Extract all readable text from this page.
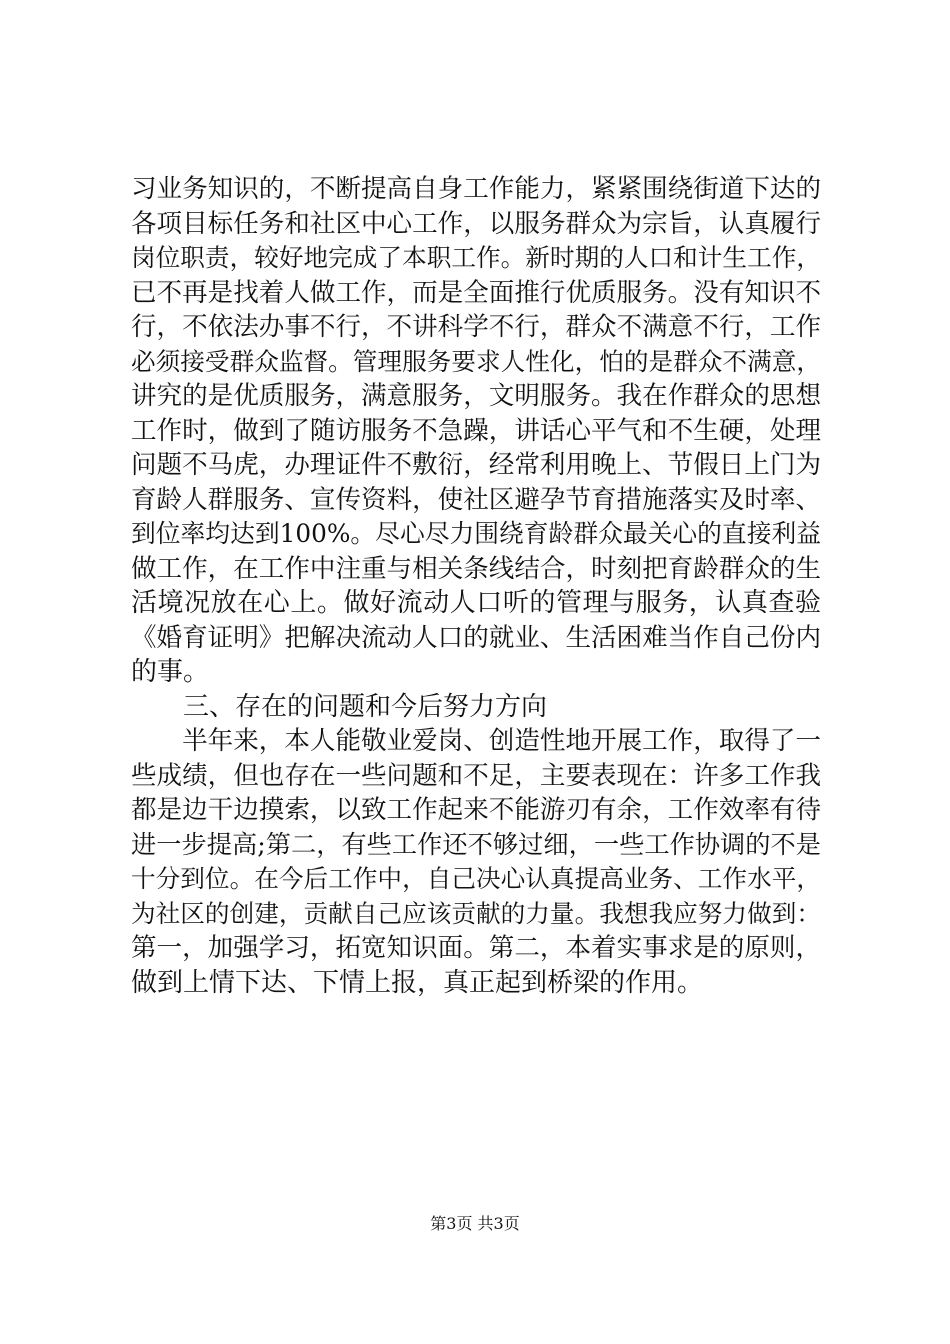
习业务知识的，不断提高自身工作能力，紧紧围绕街道下达的
各项目标任务和社区中心工作，以服务群众为宗旨，认真履行
岗位职责，较好地完成了本职工作。新时期的人口和计生工作，
已不再是找着人做工作，而是全面推行优质服务。没有知识不
行，不依法办事不行，不讲科学不行，群众不满意不行，工作
必须接受群众监督。管理服务要求人性化，怕的是群众不满意，
讲究的是优质服务，满意服务，文明服务。我在作群众的思想
工作时，做到了随访服务不急躁，讲话心平气和不生硬，处理
问题不马虎，办理证件不敷衍，经常利用晚上、节假日上门为
育龄人群服务、宣传资料，使社区避孕节育措施落实及时率、
到位率均达到100%。尽心尽力围绕育龄群众最关心的直接利益
做工作，在工作中注重与相关条线结合，时刻把育龄群众的生
活境况放在心上。做好流动人口听的管理与服务，认真查验
《婚育证明》把解决流动人口的就业、生活困难当作自己份内
的事。
　　三、存在的问题和今后努力方向
　　半年来，本人能敬业爱岗、创造性地开展工作，取得了一
些成绩，但也存在一些问题和不足，主要表现在：许多工作我
都是边干边摸索，以致工作起来不能游刃有余，工作效率有待
进一步提高;第二，有些工作还不够过细，一些工作协调的不是
十分到位。在今后工作中，自己决心认真提高业务、工作水平，
为社区的创建，贡献自己应该贡献的力量。我想我应努力做到：
第一，加强学习，拓宽知识面。第二，本着实事求是的原则，
做到上情下达、下情上报，真正起到桥梁的作用。
第3页 共3页
